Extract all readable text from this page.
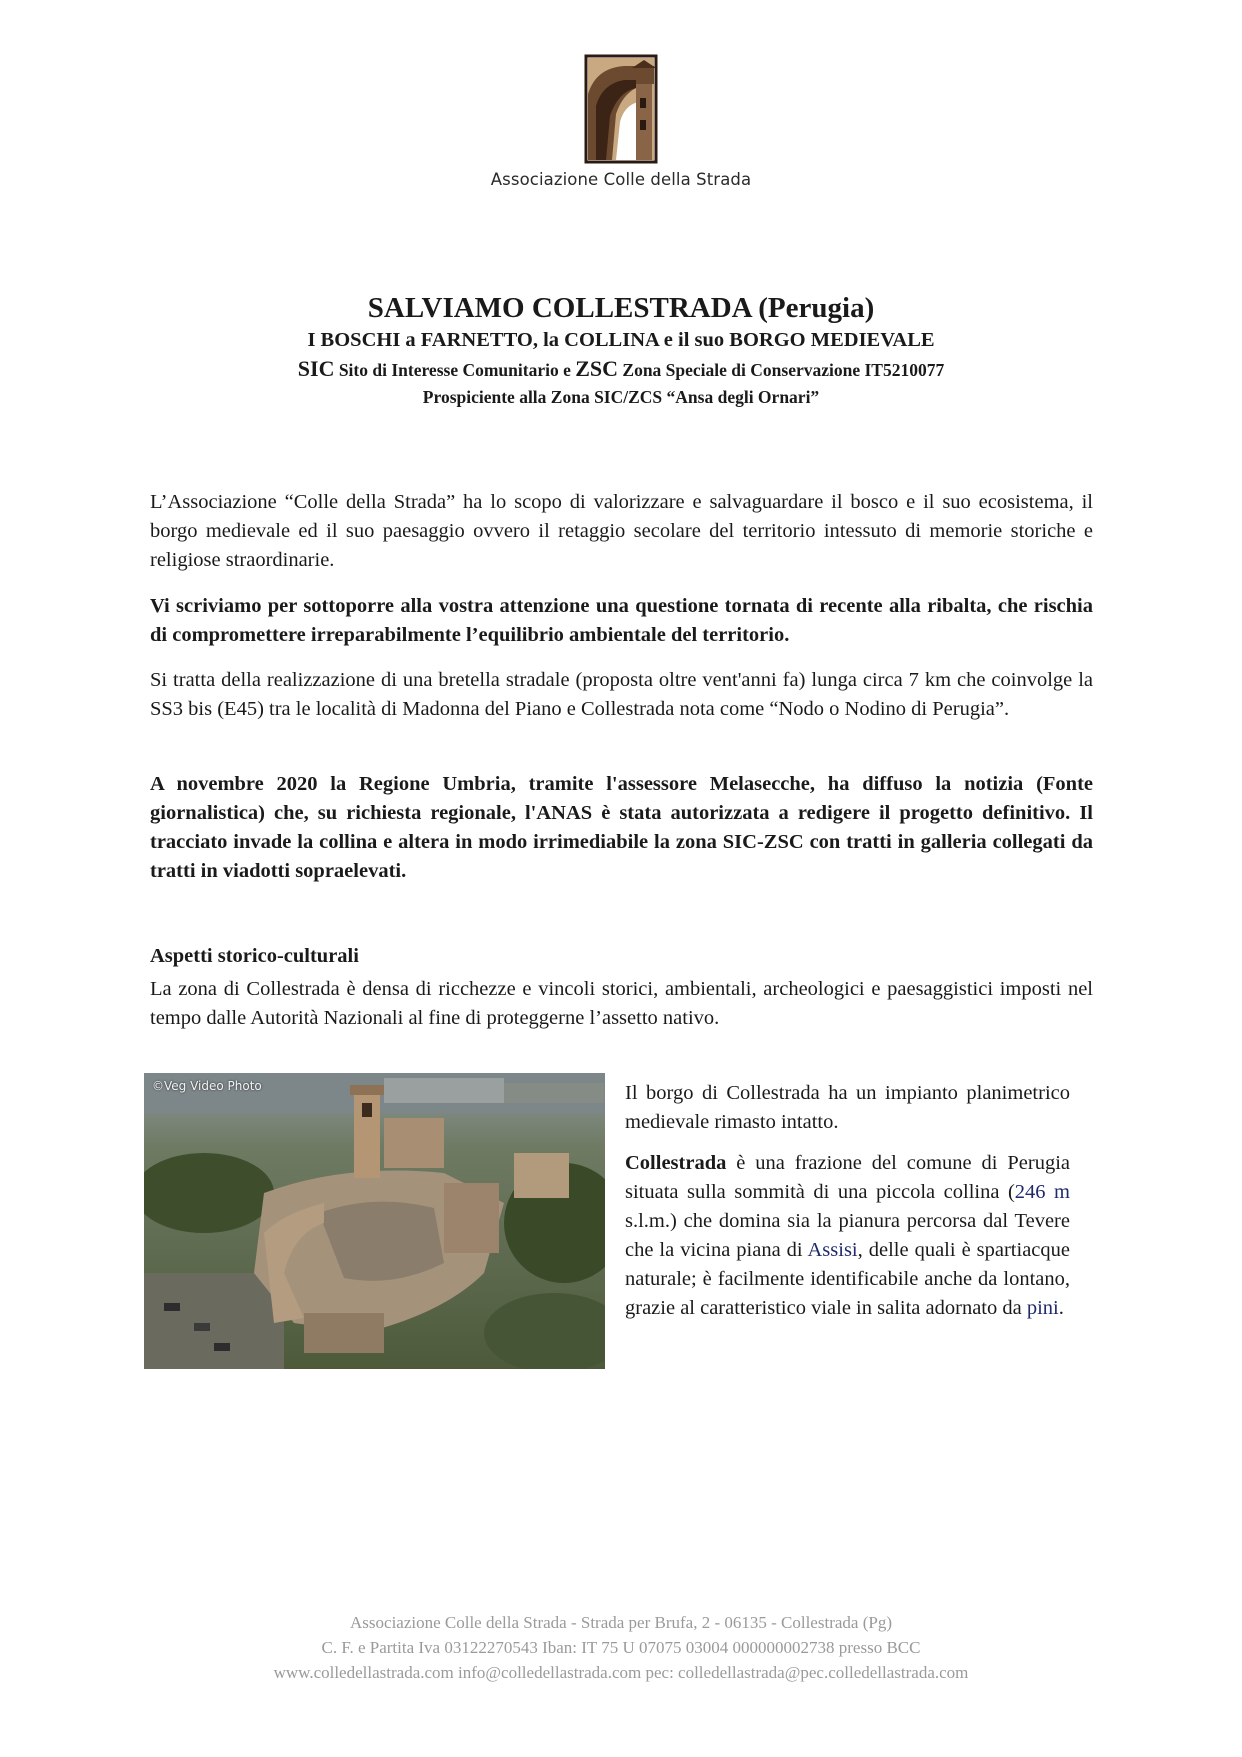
Associazione Colle della Strada

SALVIAMO COLLESTRADA (Perugia)

I BOSCHI a FARNETTO, la COLLINA e il suo BORGO MEDIEVALE

SIC Sito di Interesse Comunitario e ZSC Zona Speciale di Conservazione IT5210077

Prospiciente alla Zona SIC/ZCS “Ansa degli Ornari”

L’Associazione “Colle della Strada” ha lo scopo di valorizzare e salvaguardare il bosco e il suo ecosistema, il borgo medievale ed il suo paesaggio ovvero il retaggio secolare del territorio intessuto di memorie storiche e religiose straordinarie.

Vi scriviamo per sottoporre alla vostra attenzione una questione tornata di recente alla ribalta, che rischia di compromettere irreparabilmente l’equilibrio ambientale del territorio.

Si tratta della realizzazione di una bretella stradale (proposta oltre vent'anni fa) lunga circa 7 km che coinvolge la SS3 bis (E45) tra le località di Madonna del Piano e Collestrada nota come “Nodo o Nodino di Perugia”.

A novembre 2020 la Regione Umbria, tramite l'assessore Melasecche, ha diffuso la notizia (Fonte giornalistica) che, su richiesta regionale, l'ANAS è stata autorizzata a redigere il progetto definitivo. Il tracciato invade la collina e altera in modo irrimediabile la zona SIC-ZSC con tratti in galleria collegati da tratti in viadotti sopraelevati.

Aspetti storico-culturali

La zona di Collestrada è densa di ricchezze e vincoli storici, ambientali, archeologici e paesaggistici imposti nel tempo dalle Autorità Nazionali al fine di proteggerne l’assetto nativo.

©Veg Video Photo	Il borgo di Collestrada ha un impianto planimetrico medievale rimasto intatto.

Collestrada è una frazione del comune di Perugia situata sulla sommità di una piccola collina (246 m s.l.m.) che domina sia la pianura percorsa dal Tevere che la vicina piana di Assisi, delle quali è spartiacque naturale; è facilmente identificabile anche da lontano, grazie al caratteristico viale in salita adornato da pini.

Associazione Colle della Strada - Strada per Brufa, 2 - 06135 - Collestrada (Pg)
C. F. e Partita Iva 03122270543 Iban: IT 75 U 07075 03004 000000002738 presso BCC
www.colledellastrada.com info@colledellastrada.com pec: colledellastrada@pec.colledellastrada.com
